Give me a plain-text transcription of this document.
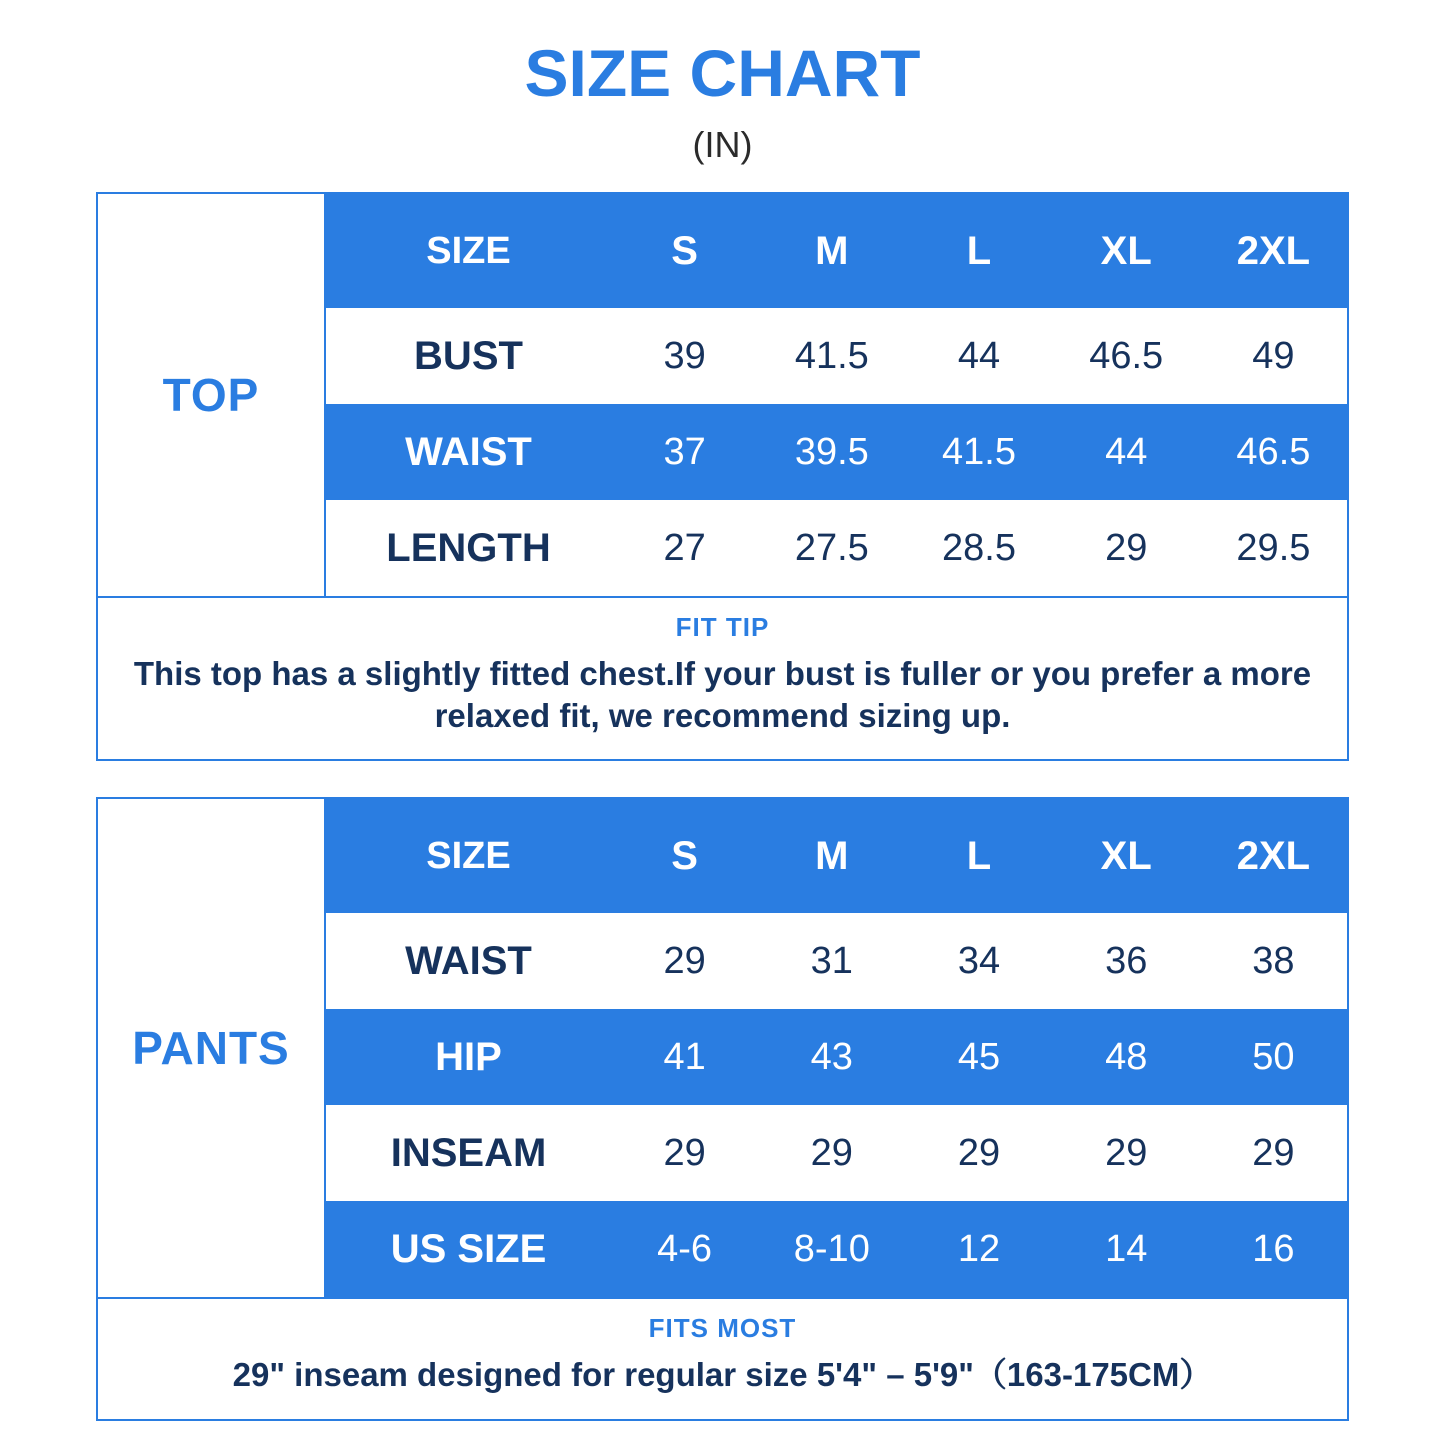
SIZE CHART
(IN)
TOP
SIZE	S	M	L	XL	2XL
BUST	39	41.5	44	46.5	49
WAIST	37	39.5	41.5	44	46.5
LENGTH	27	27.5	28.5	29	29.5
FIT TIP
This top has a slightly fitted chest.If your bust is fuller or you prefer a more relaxed fit, we recommend sizing up.
PANTS
SIZE	S	M	L	XL	2XL
WAIST	29	31	34	36	38
HIP	41	43	45	48	50
INSEAM	29	29	29	29	29
US SIZE	4-6	8-10	12	14	16
FITS MOST
29" inseam designed for regular size 5'4" – 5'9"（163-175CM）
